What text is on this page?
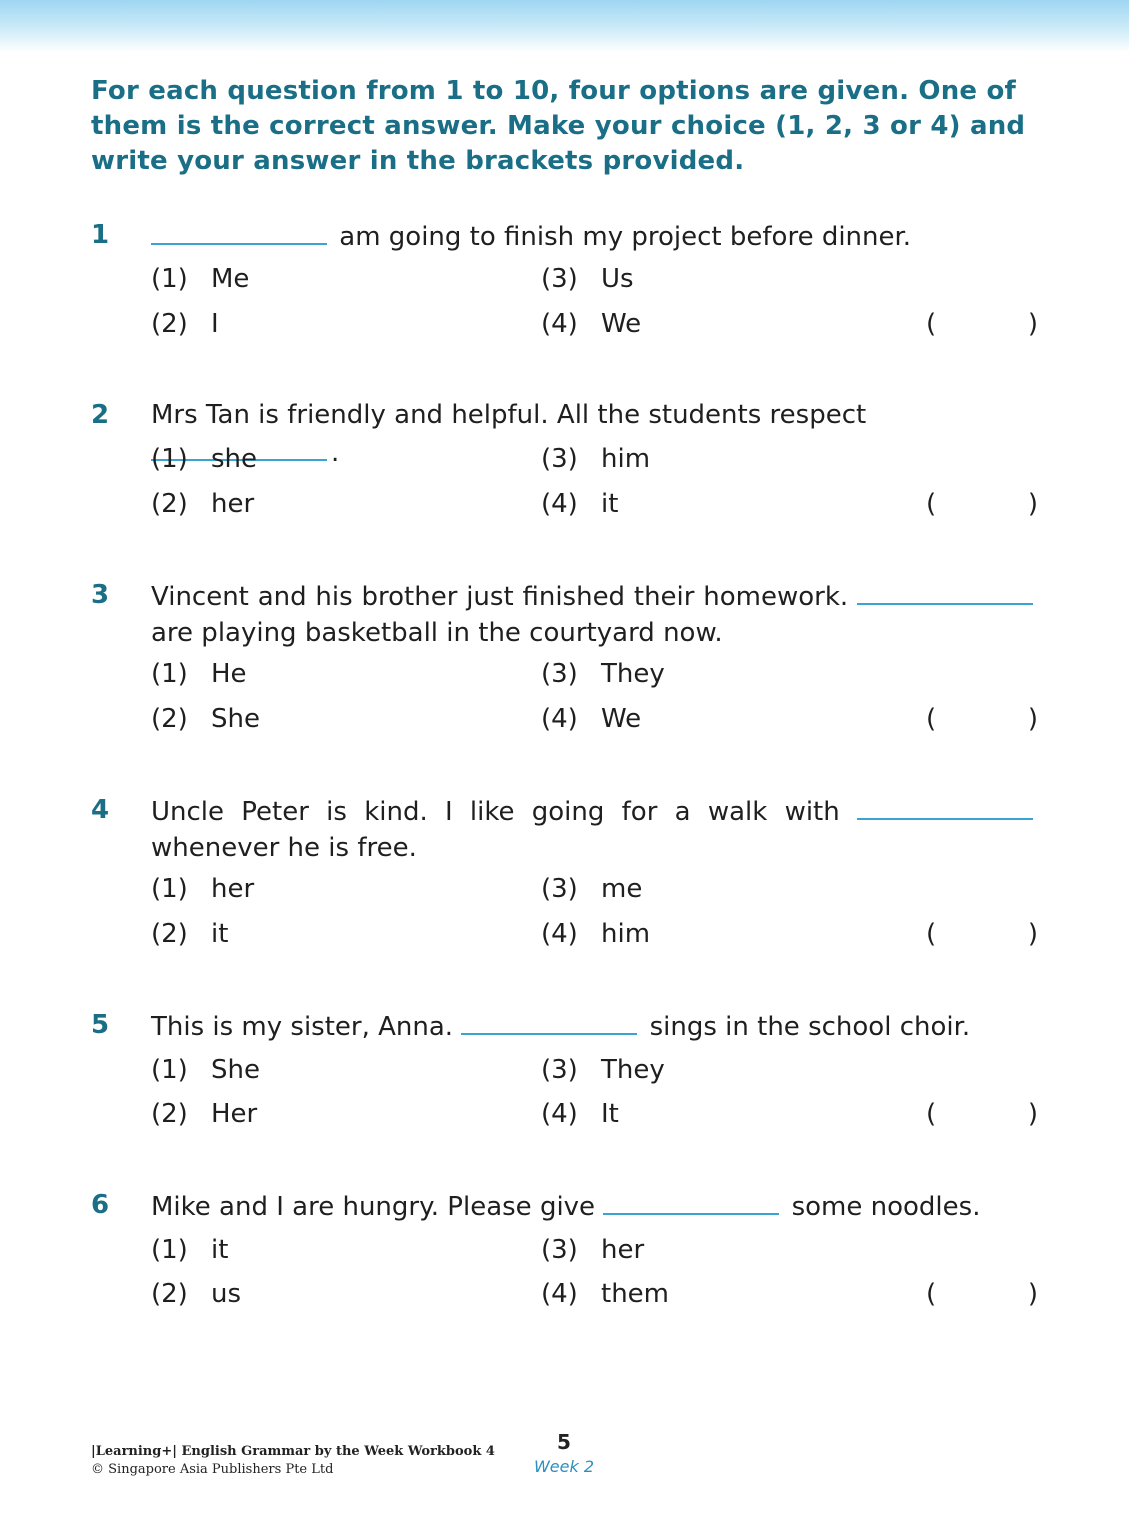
For each question from 1 to 10, four options are given. One of them is the correct answer. Make your choice (1, 2, 3 or 4) and write your answer in the brackets provided.
1	am going to finish my project before dinner.
(1) Me
(2) I
(3) Us
(4) We	(	)
2 Mrs Tan is friendly and helpful. All the students respect .
(1) she
(2) her
(3) him
(4) it	(	)
3 Vincent and his brother just finished their homework.  are playing basketball in the courtyard now.
(1) He
(2) She
(3) They
(4) We	(	)
4 Uncle Peter is kind. I like going for a walk with  whenever he is free.
(1) her
(2) it
(3) me
(4) him	(	)
5 This is my sister, Anna.	sings in the school choir.
(1) She
(2) Her
(3) They
(4) It	(	)
6 Mike and I are hungry. Please give	some noodles.
(1) it
(2) us
(3) her
(4) them	(	)
|Learning+| English Grammar by the Week Workbook 4
© Singapore Asia Publishers Pte Ltd
5
Week 2
